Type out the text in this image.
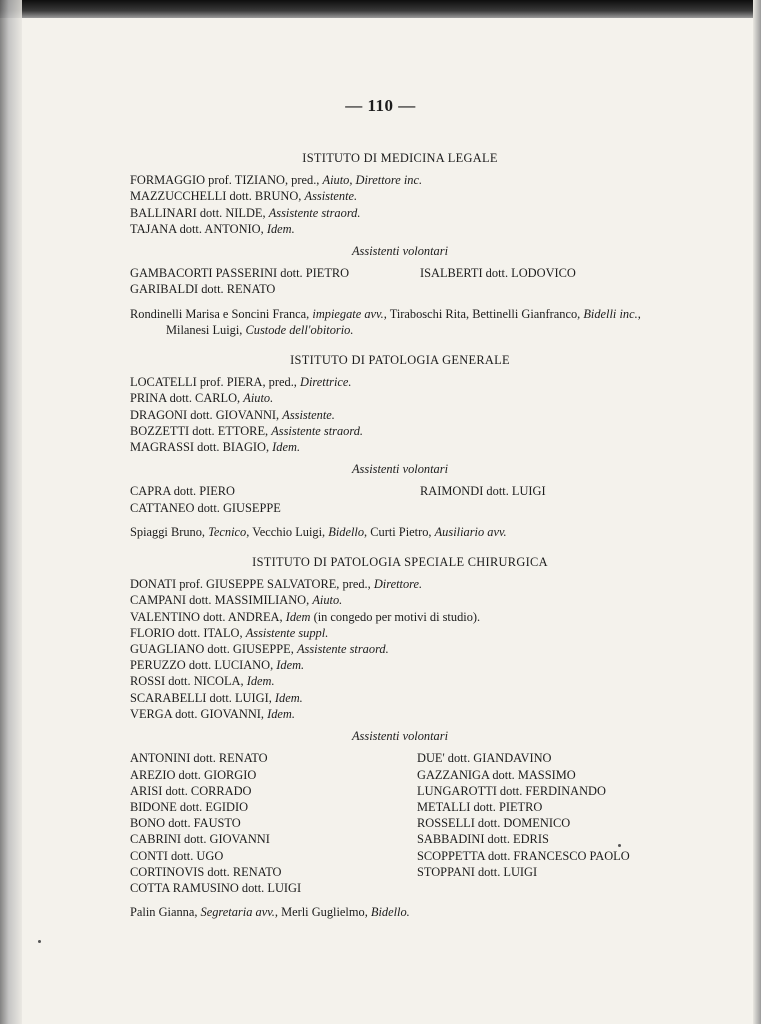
— 110 —
ISTITUTO DI MEDICINA LEGALE
FORMAGGIO prof. TIZIANO, pred., Aiuto, Direttore inc.
MAZZUCCHELLI dott. BRUNO, Assistente.
BALLINARI dott. NILDE, Assistente straord.
TAJANA dott. ANTONIO, Idem.
Assistenti volontari
GAMBACORTI PASSERINI dott. PIETRO
GARIBALDI dott. RENATO
ISALBERTI dott. LODOVICO
Rondinelli Marisa e Soncini Franca, impiegate avv., Tiraboschi Rita, Bettinelli Gianfranco, Bidelli inc., Milanesi Luigi, Custode dell'obitorio.
ISTITUTO DI PATOLOGIA GENERALE
LOCATELLI prof. PIERA, pred., Direttrice.
PRINA dott. CARLO, Aiuto.
DRAGONI dott. GIOVANNI, Assistente.
BOZZETTI dott. ETTORE, Assistente straord.
MAGRASSI dott. BIAGIO, Idem.
Assistenti volontari
CAPRA dott. PIERO
CATTANEO dott. GIUSEPPE
RAIMONDI dott. LUIGI
Spiaggi Bruno, Tecnico, Vecchio Luigi, Bidello, Curti Pietro, Ausiliario avv.
ISTITUTO DI PATOLOGIA SPECIALE CHIRURGICA
DONATI prof. GIUSEPPE SALVATORE, pred., Direttore.
CAMPANI dott. MASSIMILIANO, Aiuto.
VALENTINO dott. ANDREA, Idem (in congedo per motivi di studio).
FLORIO dott. ITALO, Assistente suppl.
GUAGLIANO dott. GIUSEPPE, Assistente straord.
PERUZZO dott. LUCIANO, Idem.
ROSSI dott. NICOLA, Idem.
SCARABELLI dott. LUIGI, Idem.
VERGA dott. GIOVANNI, Idem.
Assistenti volontari
ANTONINI dott. RENATO
AREZIO dott. GIORGIO
ARISI dott. CORRADO
BIDONE dott. EGIDIO
BONO dott. FAUSTO
CABRINI dott. GIOVANNI
CONTI dott. UGO
CORTINOVIS dott. RENATO
COTTA RAMUSINO dott. LUIGI
DUE' dott. GIANDAVINO
GAZZANIGA dott. MASSIMO
LUNGAROTTI dott. FERDINANDO
METALLI dott. PIETRO
ROSSELLI dott. DOMENICO
SABBADINI dott. EDRIS
SCOPPETTA dott. FRANCESCO PAOLO
STOPPANI dott. LUIGI
Palin Gianna, Segretaria avv., Merli Guglielmo, Bidello.
